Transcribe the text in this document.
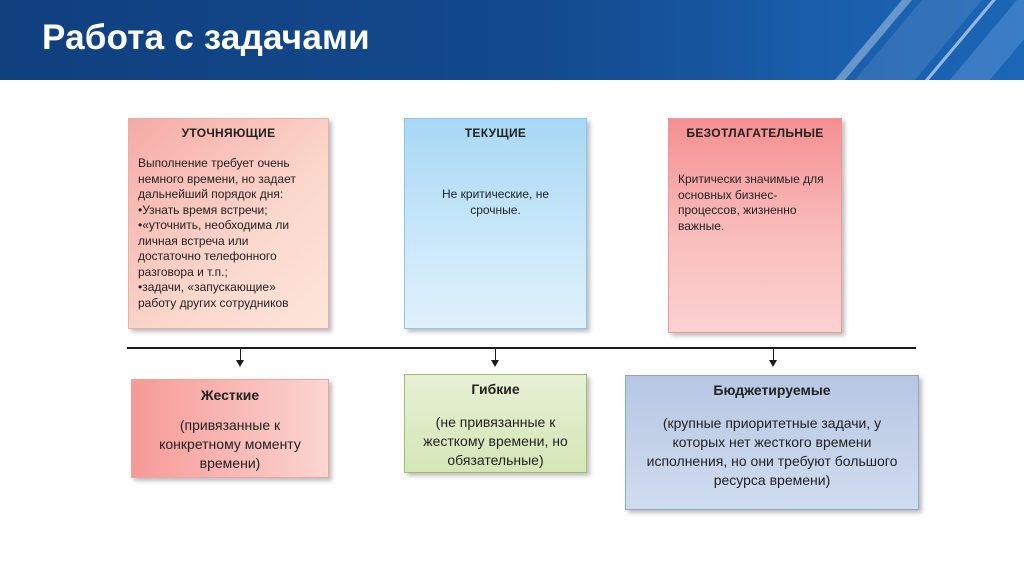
Работа с задачами
УТОЧНЯЮЩИЕ
Выполнение требует очень
немного времени, но задает
дальнейший порядок дня:
•Узнать время встречи;
•«уточнить, необходима ли
личная встреча или
достаточно телефонного
разговора и т.п.;
•задачи, «запускающие»
работу других сотрудников
ТЕКУЩИЕ
Не критические, не
срочные.
БЕЗОТЛАГАТЕЛЬНЫЕ
Критически значимые для
основных бизнес-
процессов, жизненно
важные.
Жесткие
(привязанные к
конкретному моменту
времени)
Гибкие
(не привязанные к
жесткому времени, но
обязательные)
Бюджетируемые
(крупные приоритетные задачи, у
которых нет жесткого времени
исполнения, но они требуют большого
ресурса времени)
